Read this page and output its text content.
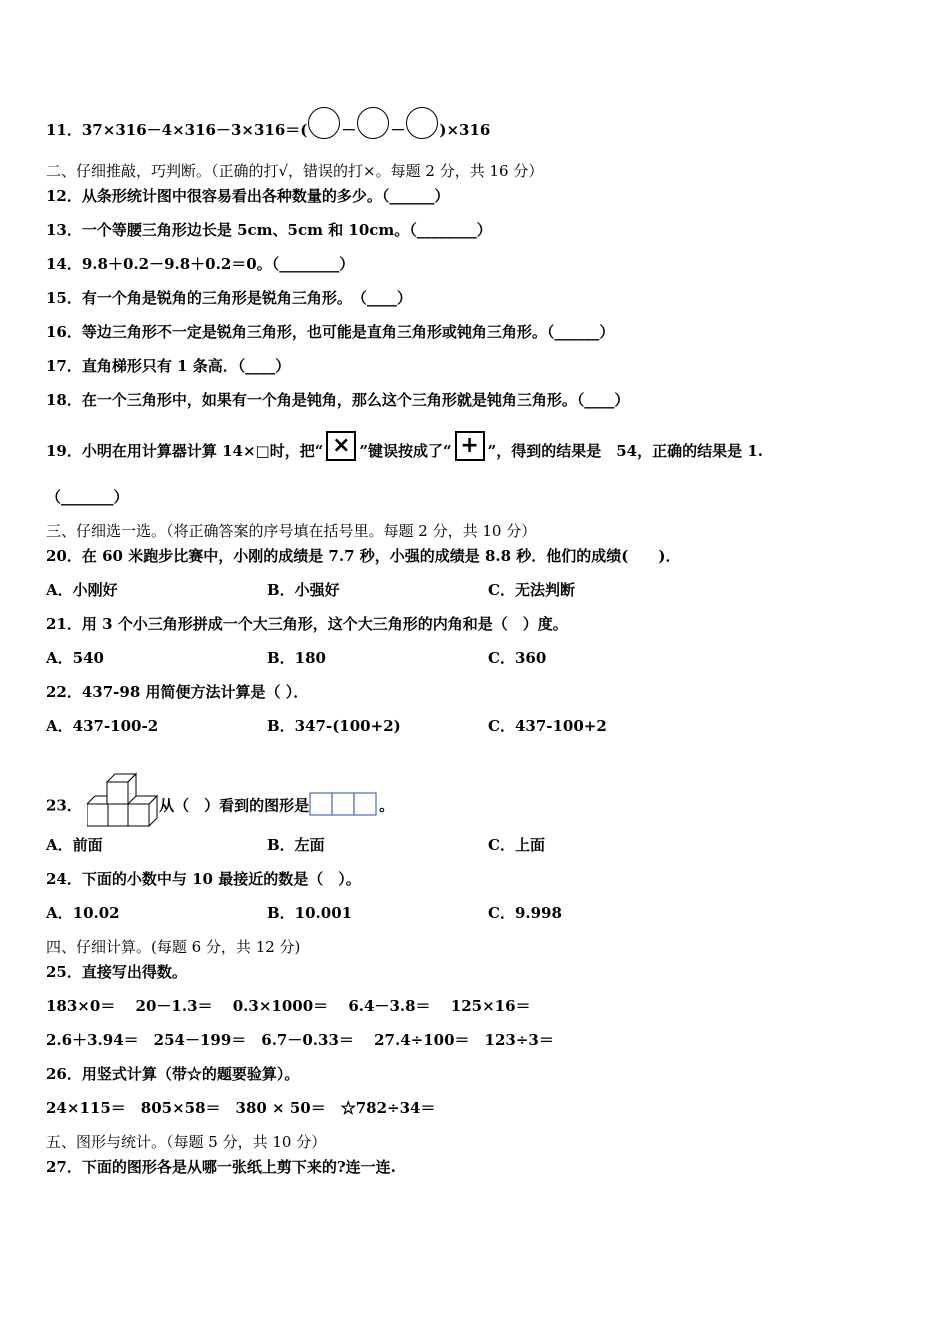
11．37×316－4×316－3×316＝( － － )×316
二、仔细推敲，巧判断。（正确的打√，错误的打×。每题 2 分，共 16 分）
12．从条形统计图中很容易看出各种数量的多少。（______）
13．一个等腰三角形边长是 5cm、5cm 和 10cm。（________）
14．9.8＋0.2－9.8＋0.2＝0。（________）
15．有一个角是锐角的三角形是锐角三角形。　（____）
16．等边三角形不一定是锐角三角形，也可能是直角三角形或钝角三角形。（______）
17．直角梯形只有 1 条高．（____）
18．在一个三角形中，如果有一个角是钝角，那么这个三角形就是钝角三角形。（____）
19．小明在用计算器计算 14×□时，把“ × ”键误按成了“ + ”，得到的结果是　54，正确的结果是 1.
（_______）
三、仔细选一选。（将正确答案的序号填在括号里。每题 2 分，共 10 分）
20．在 60 米跑步比赛中，小刚的成绩是 7.7 秒，小强的成绩是 8.8 秒．他们的成绩(　　)．
A．小刚好	B．小强好	C．无法判断
21．用 3 个小三角形拼成一个大三角形，这个大三角形的内角和是（　）度。
A．540	B．180	C．360
22．437-98 用简便方法计算是（ ）．
A．437-100-2	B．347-(100+2)	C．437-100+2
23．	从（　）看到的图形是	。
A．前面	B．左面	C．上面
24．下面的小数中与 10 最接近的数是（　）。
A．10.02	B．10.001	C．9.998
四、仔细计算。(每题 6 分，共 12 分)
25．直接写出得数。
183×0＝　 20－1.3＝　 0.3×1000＝　 6.4－3.8＝　 125×16＝
2.6＋3.94＝　254－199＝　6.7－0.33＝　 27.4÷100＝　123÷3＝
26．用竖式计算（带☆的题要验算）。
24×115＝　805×58＝　380 × 50＝　☆782÷34＝
五、图形与统计。（每题 5 分，共 10 分）
27．下面的图形各是从哪一张纸上剪下来的?连一连.
